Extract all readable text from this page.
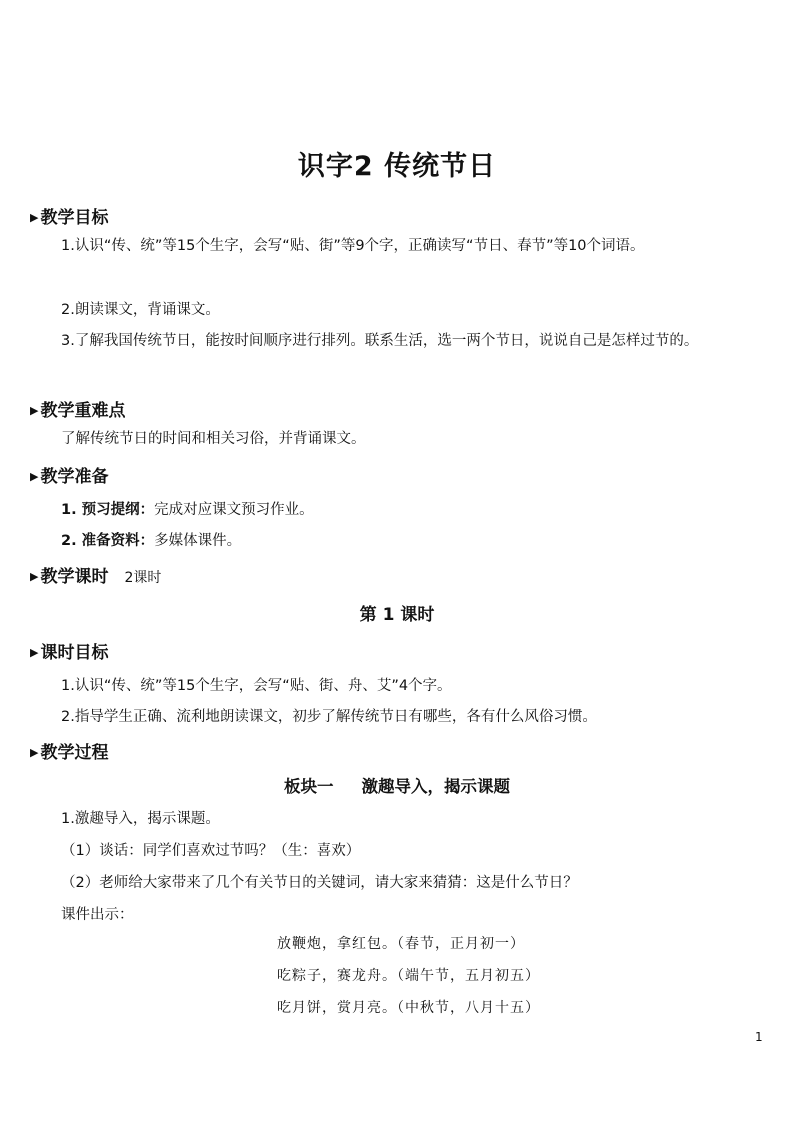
识字2 传统节日
▶ 教学目标

1.认识“传、统”等15个生字，会写“贴、街”等9个字，正确读写“节日、春节”等10个词语。

2.朗读课文，背诵课文。

3.了解我国传统节日，能按时间顺序进行排列。联系生活，选一两个节日，说说自己是怎样过节的。

▶ 教学重难点

了解传统节日的时间和相关习俗，并背诵课文。

▶ 教学准备

1. 预习提纲：完成对应课文预习作业。

2. 准备资料：多媒体课件。

▶ 教学课时 2课时
第 1 课时
▶ 课时目标

1.认识“传、统”等15个生字，会写“贴、街、舟、艾”4个字。

2.指导学生正确、流利地朗读课文，初步了解传统节日有哪些，各有什么风俗习惯。

▶ 教学过程
板块一 激趣导入，揭示课题

1.激趣导入，揭示课题。

（1）谈话：同学们喜欢过节吗？（生：喜欢）

（2）老师给大家带来了几个有关节日的关键词，请大家来猜猜：这是什么节日？

课件出示：

放鞭炮，拿红包。（春节，正月初一）

吃粽子，赛龙舟。（端午节，五月初五）

吃月饼，赏月亮。（中秋节，八月十五）

1
